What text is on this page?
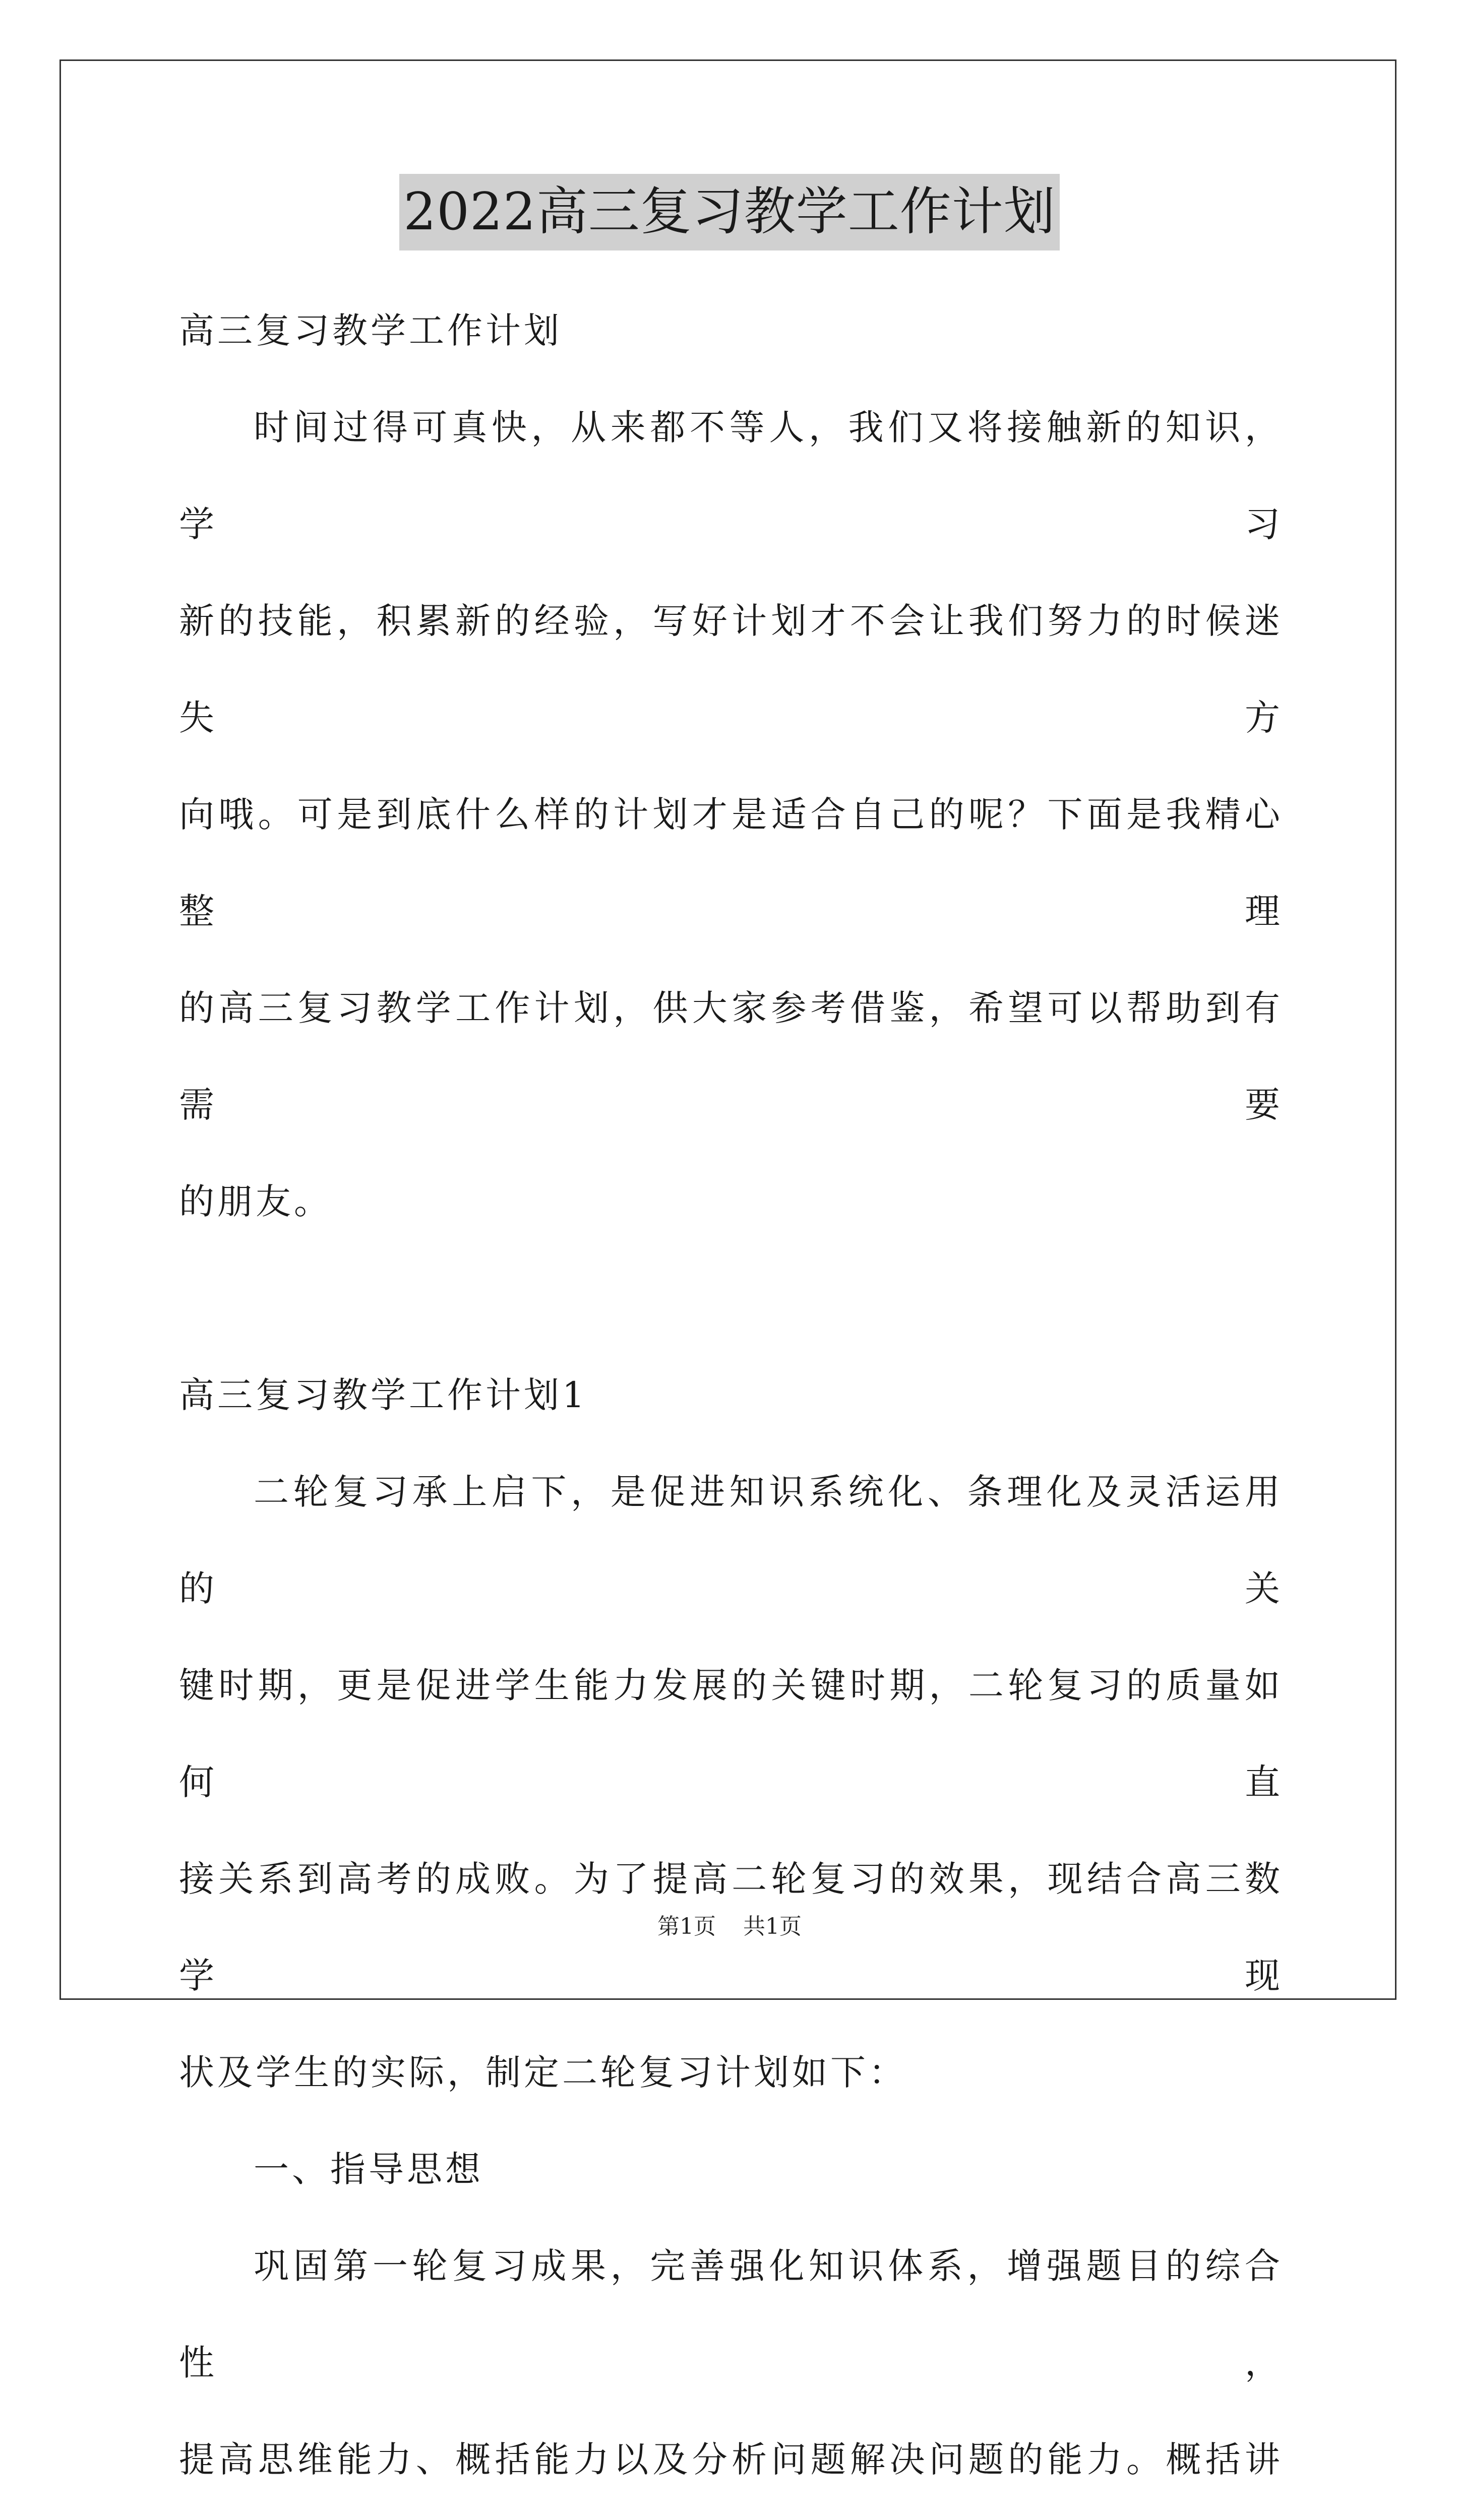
2022高三复习教学工作计划
高三复习教学工作计划
时间过得可真快，从来都不等人，我们又将接触新的知识，学习
新的技能，积累新的经验，写好计划才不会让我们努力的时候迷失方
向哦。可是到底什么样的计划才是适合自己的呢？下面是我精心整理
的高三复习教学工作计划，供大家参考借鉴，希望可以帮助到有需要
的朋友。
高三复习教学工作计划1
二轮复习承上启下，是促进知识系统化、条理化及灵活运用的关
键时期，更是促进学生能力发展的关键时期，二轮复习的质量如何直
接关系到高考的成败。为了提高二轮复习的效果，现结合高三数学现
状及学生的实际，制定二轮复习计划如下：
一、指导思想
巩固第一轮复习成果，完善强化知识体系，增强题目的综合性，
提高思维能力、概括能力以及分析问题解决问题的能力。概括讲
第1页 共1页
